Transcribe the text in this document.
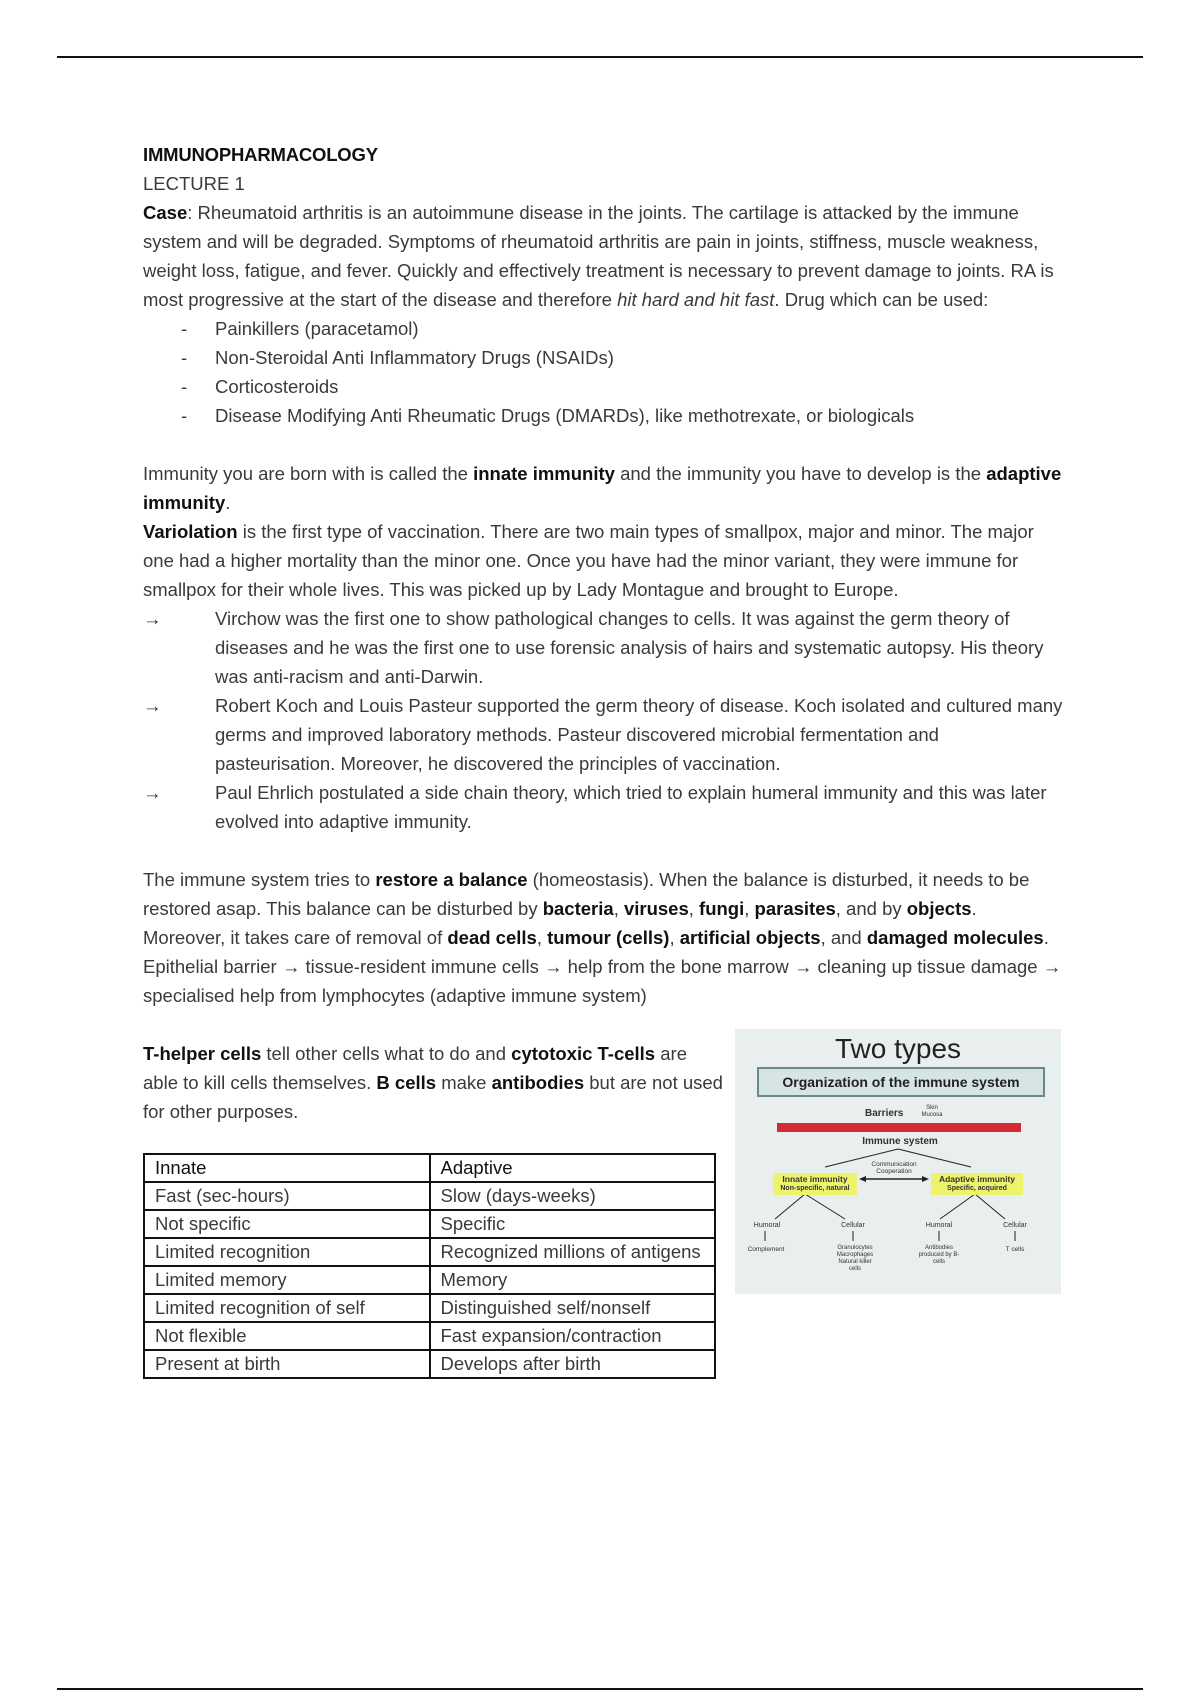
IMMUNOPHARMACOLOGY
LECTURE 1

Case: Rheumatoid arthritis is an autoimmune disease in the joints. The cartilage is attacked by the immune system and will be degraded. Symptoms of rheumatoid arthritis are pain in joints, stiffness, muscle weakness, weight loss, fatigue, and fever. Quickly and effectively treatment is necessary to prevent damage to joints. RA is most progressive at the start of the disease and therefore hit hard and hit fast. Drug which can be used:

- Painkillers (paracetamol)
- Non-Steroidal Anti Inflammatory Drugs (NSAIDs)
- Corticosteroids
- Disease Modifying Anti Rheumatic Drugs (DMARDs), like methotrexate, or biologicals

Immunity you are born with is called the innate immunity and the immunity you have to develop is the adaptive immunity.

Variolation is the first type of vaccination. There are two main types of smallpox, major and minor. The major one had a higher mortality than the minor one. Once you have had the minor variant, they were immune for smallpox for their whole lives. This was picked up by Lady Montague and brought to Europe.

→	Virchow was the first one to show pathological changes to cells. It was against the germ theory of diseases and he was the first one to use forensic analysis of hairs and systematic autopsy. His theory was anti-racism and anti-Darwin.
→	Robert Koch and Louis Pasteur supported the germ theory of disease. Koch isolated and cultured many germs and improved laboratory methods. Pasteur discovered microbial fermentation and pasteurisation. Moreover, he discovered the principles of vaccination.
→	Paul Ehrlich postulated a side chain theory, which tried to explain humeral immunity and this was later evolved into adaptive immunity.

The immune system tries to restore a balance (homeostasis). When the balance is disturbed, it needs to be restored asap. This balance can be disturbed by bacteria, viruses, fungi, parasites, and by objects. Moreover, it takes care of removal of dead cells, tumour (cells), artificial objects, and damaged molecules.

Epithelial barrier → tissue-resident immune cells → help from the bone marrow → cleaning up tissue damage → specialised help from lymphocytes (adaptive immune system)

T-helper cells tell other cells what to do and cytotoxic T-cells are able to kill cells themselves. B cells make antibodies but are not used for other purposes.

Innate	Adaptive
Fast (sec-hours)	Slow (days-weeks)
Not specific	Specific
Limited recognition	Recognized millions of antigens
Limited memory	Memory
Limited recognition of self	Distinguished self/nonself
Not flexible	Fast expansion/contraction
Present at birth	Develops after birth
Two types
Organization of the immune system
Barriers	Skin Mucosa
Immune system
Innate immunity
Non-specific, natural
Communication Cooperation
Adaptive immunity
Specific, acquired
Humoral	Cellular	Humoral	Cellular
Complement	Granulocytes Macrophages Natural killer cells
Antibodies produced by B-cells
T cells
